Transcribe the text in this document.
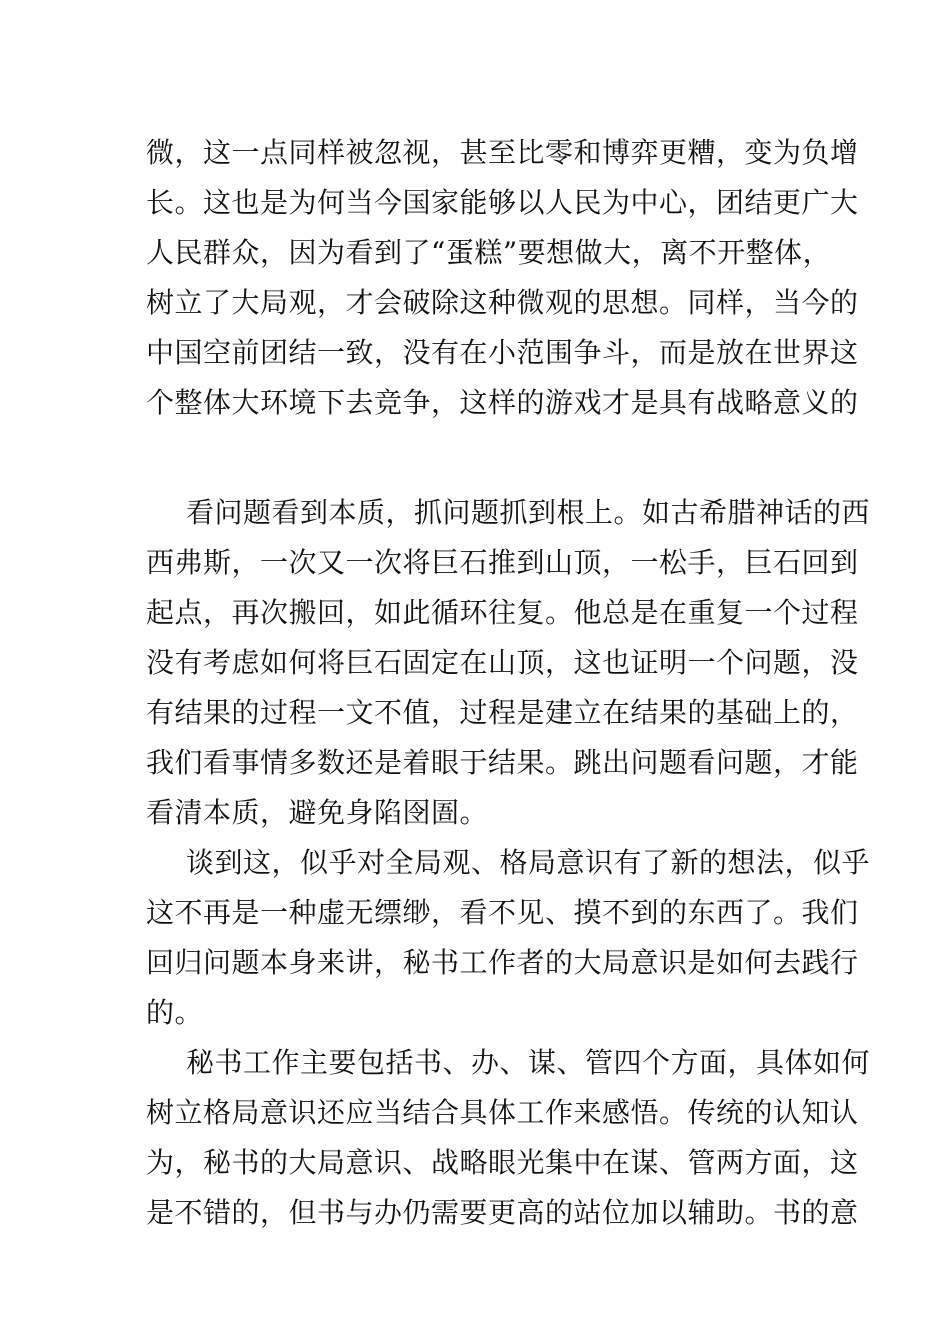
微，这一点同样被忽视，甚至比零和博弈更糟，变为负增
长。这也是为何当今国家能够以人民为中心，团结更广大
人民群众，因为看到了“蛋糕”要想做大，离不开整体，
树立了大局观，才会破除这种微观的思想。同样，当今的
中国空前团结一致，没有在小范围争斗，而是放在世界这
个整体大环境下去竞争，这样的游戏才是具有战略意义的
看问题看到本质，抓问题抓到根上。如古希腊神话的西
西弗斯，一次又一次将巨石推到山顶，一松手，巨石回到
起点，再次搬回，如此循环往复。他总是在重复一个过程
没有考虑如何将巨石固定在山顶，这也证明一个问题，没
有结果的过程一文不值，过程是建立在结果的基础上的，
我们看事情多数还是着眼于结果。跳出问题看问题，才能
看清本质，避免身陷囹圄。
谈到这，似乎对全局观、格局意识有了新的想法，似乎
这不再是一种虚无缥缈，看不见、摸不到的东西了。我们
回归问题本身来讲，秘书工作者的大局意识是如何去践行
的。
秘书工作主要包括书、办、谋、管四个方面，具体如何
树立格局意识还应当结合具体工作来感悟。传统的认知认
为，秘书的大局意识、战略眼光集中在谋、管两方面，这
是不错的，但书与办仍需要更高的站位加以辅助。书的意
